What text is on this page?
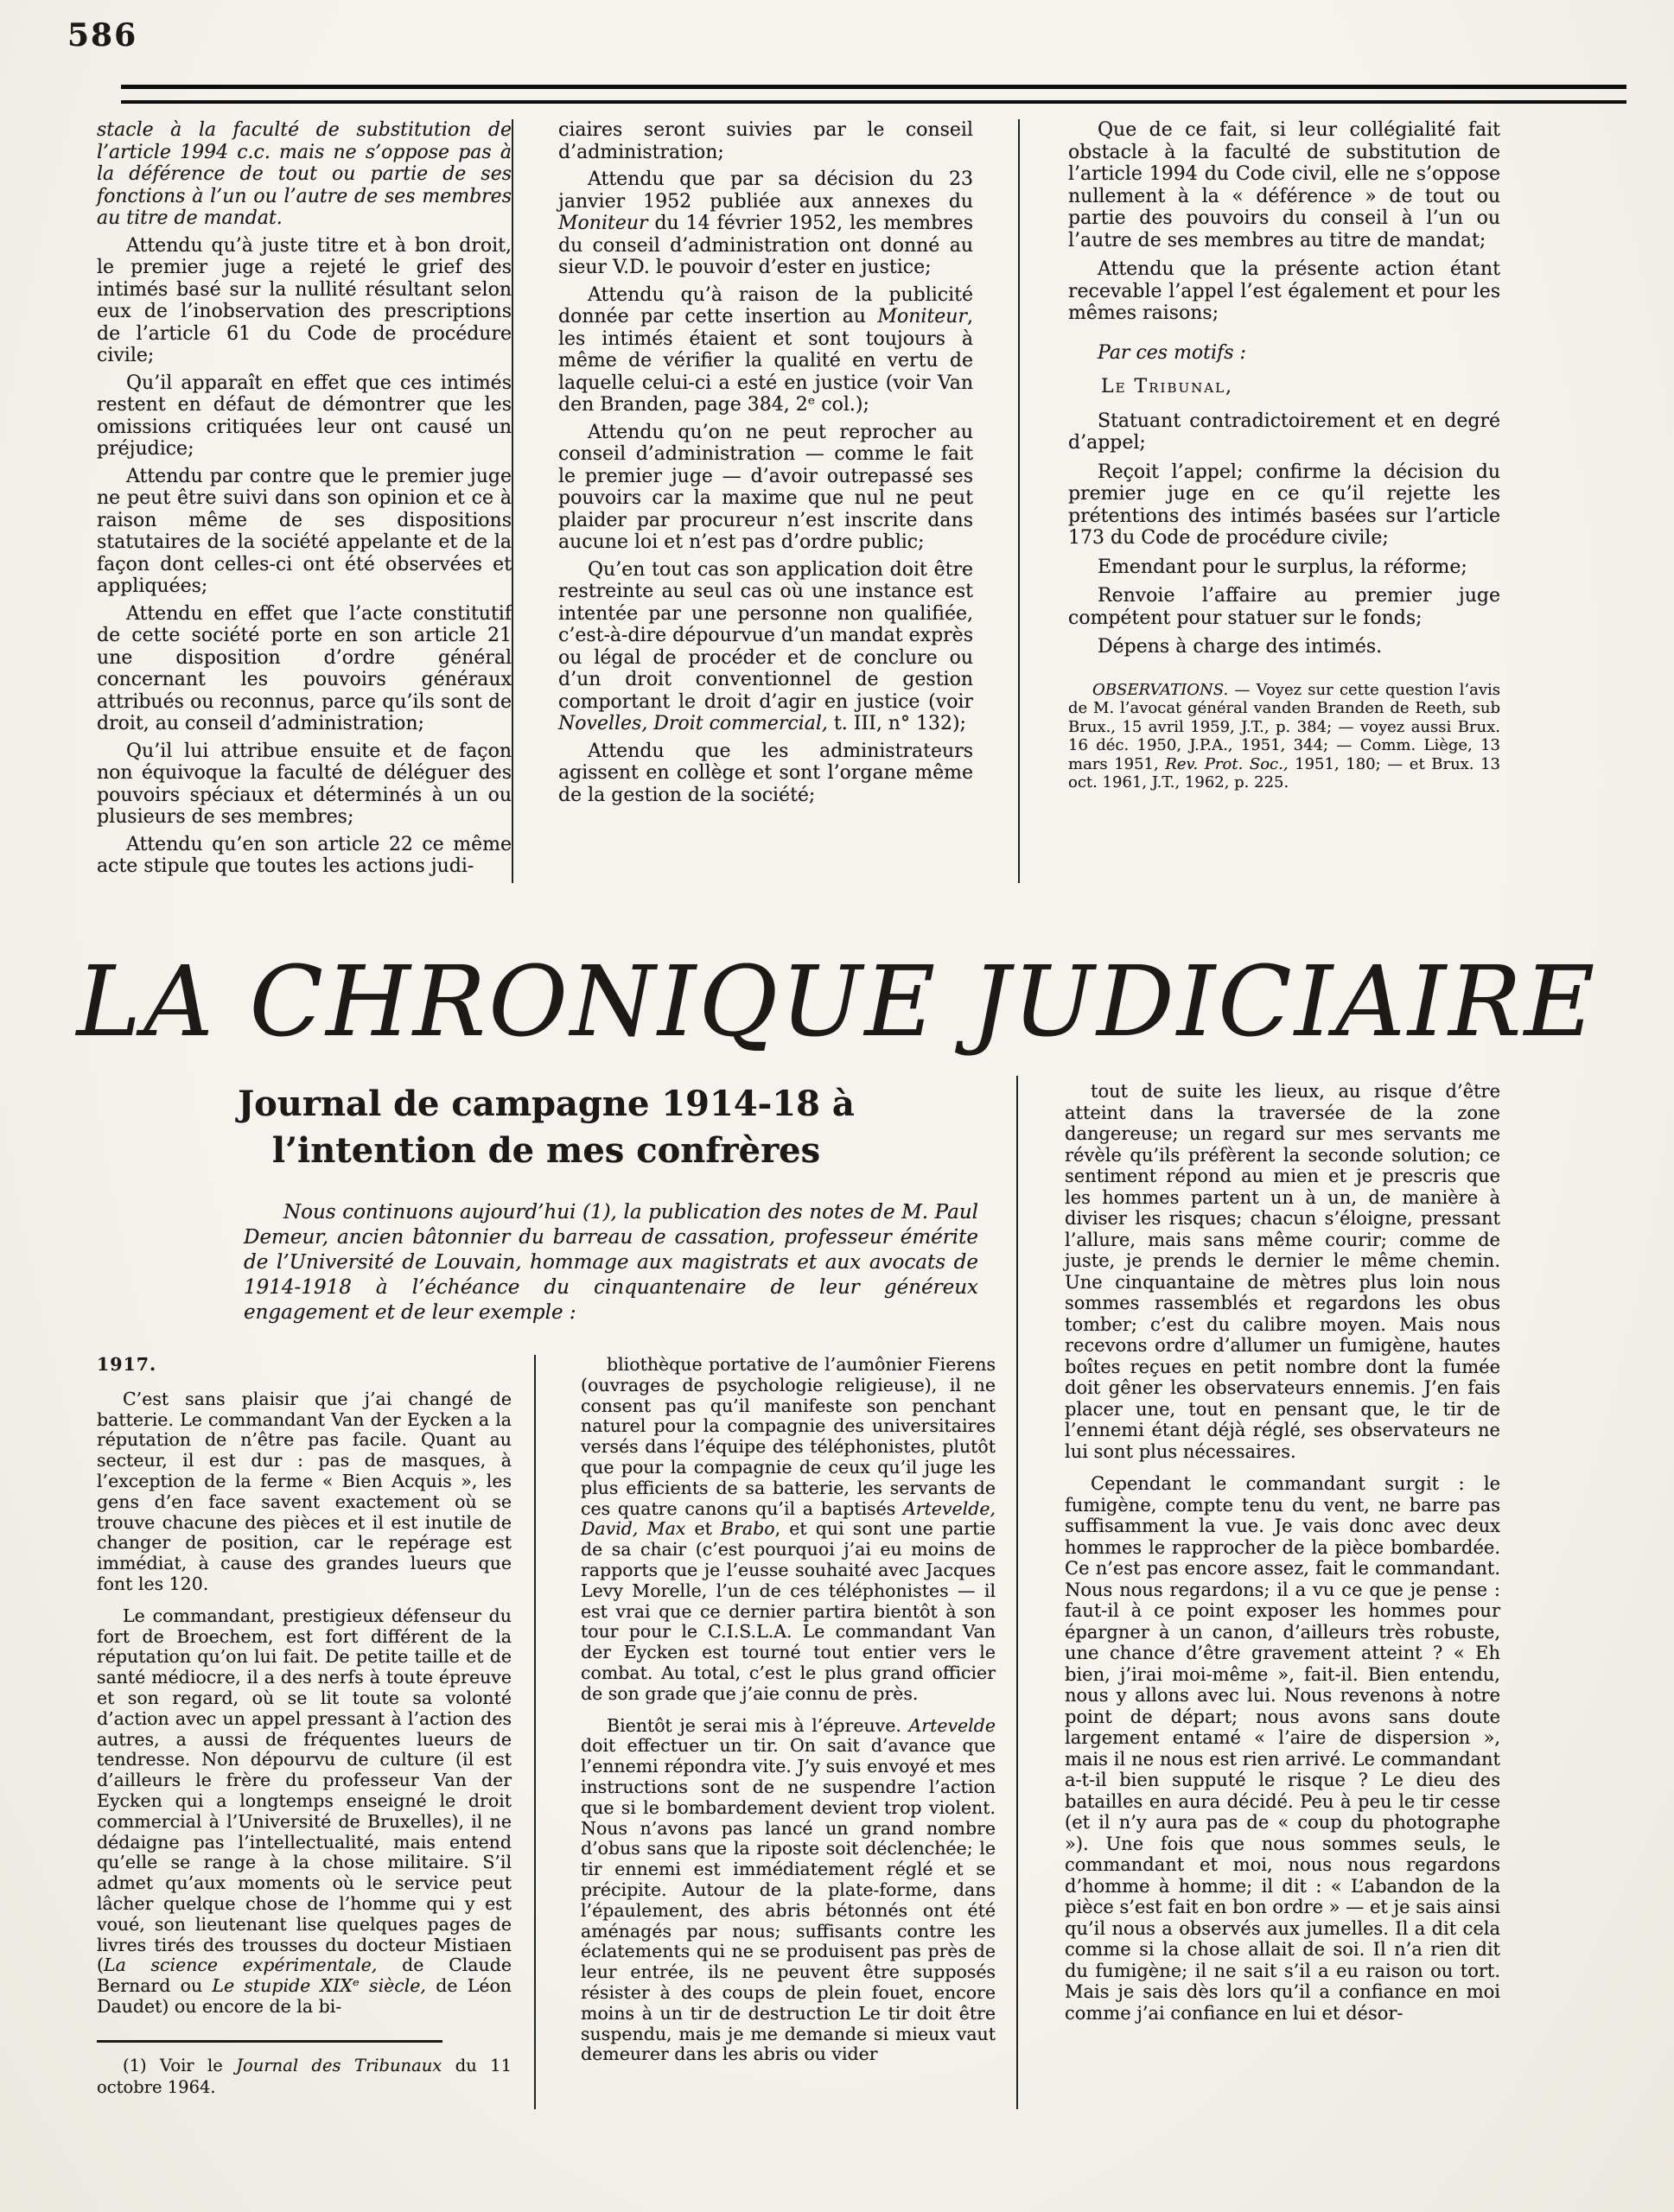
586

stacle à la faculté de substitution de l’article 1994 c.c. mais ne s’oppose pas à la déférence de tout ou partie de ses fonctions à l’un ou l’autre de ses membres au titre de mandat.

Attendu qu’à juste titre et à bon droit, le premier juge a rejeté le grief des intimés basé sur la nullité résultant selon eux de l’inobservation des prescriptions de l’article 61 du Code de procédure civile;

Qu’il apparaît en effet que ces intimés restent en défaut de démontrer que les omissions critiquées leur ont causé un préjudice;

Attendu par contre que le premier juge ne peut être suivi dans son opinion et ce à raison même de ses dispositions statutaires de la société appelante et de la façon dont celles-ci ont été observées et appliquées;

Attendu en effet que l’acte constitutif de cette société porte en son article 21 une disposition d’ordre général concernant les pouvoirs généraux attribués ou reconnus, parce qu’ils sont de droit, au conseil d’administration;

Qu’il lui attribue ensuite et de façon non équivoque la faculté de déléguer des pouvoirs spéciaux et déterminés à un ou plusieurs de ses membres;

Attendu qu’en son article 22 ce même acte stipule que toutes les actions judi-

ciaires seront suivies par le conseil d’administration;

Attendu que par sa décision du 23 janvier 1952 publiée aux annexes du Moniteur du 14 février 1952, les membres du conseil d’administration ont donné au sieur V.D. le pouvoir d’ester en justice;

Attendu qu’à raison de la publicité donnée par cette insertion au Moniteur, les intimés étaient et sont toujours à même de vérifier la qualité en vertu de laquelle celui-ci a esté en justice (voir Van den Branden, page 384, 2ᵉ col.);

Attendu qu’on ne peut reprocher au conseil d’administration — comme le fait le premier juge — d’avoir outrepassé ses pouvoirs car la maxime que nul ne peut plaider par procureur n’est inscrite dans aucune loi et n’est pas d’ordre public;

Qu’en tout cas son application doit être restreinte au seul cas où une instance est intentée par une personne non qualifiée, c’est-à-dire dépourvue d’un mandat exprès ou légal de procéder et de conclure ou d’un droit conventionnel de gestion comportant le droit d’agir en justice (voir Novelles, Droit commercial, t. III, n° 132);

Attendu que les administrateurs agissent en collège et sont l’organe même de la gestion de la société;

Que de ce fait, si leur collégialité fait obstacle à la faculté de substitution de l’article 1994 du Code civil, elle ne s’oppose nullement à la « déférence » de tout ou partie des pouvoirs du conseil à l’un ou l’autre de ses membres au titre de mandat;

Attendu que la présente action étant recevable l’appel l’est également et pour les mêmes raisons;

Par ces motifs :

Le Tribunal,

Statuant contradictoirement et en degré d’appel;

Reçoit l’appel; confirme la décision du premier juge en ce qu’il rejette les prétentions des intimés basées sur l’article 173 du Code de procédure civile;

Emendant pour le surplus, la réforme;

Renvoie l’affaire au premier juge compétent pour statuer sur le fonds;

Dépens à charge des intimés.

OBSERVATIONS. — Voyez sur cette question l’avis de M. l’avocat général vanden Branden de Reeth, sub Brux., 15 avril 1959, J.T., p. 384; — voyez aussi Brux. 16 déc. 1950, J.P.A., 1951, 344; — Comm. Liège, 13 mars 1951, Rev. Prot. Soc., 1951, 180; — et Brux. 13 oct. 1961, J.T., 1962, p. 225.

LA CHRONIQUE JUDICIAIRE
Journal de campagne 1914-18 à l’intention de mes confrères

Nous continuons aujourd’hui (1), la publication des notes de M. Paul Demeur, ancien bâtonnier du barreau de cassation, professeur émérite de l’Université de Louvain, hommage aux magistrats et aux avocats de 1914-1918 à l’échéance du cinquantenaire de leur généreux engagement et de leur exemple :

1917.

C’est sans plaisir que j’ai changé de batterie. Le commandant Van der Eycken a la réputation de n’être pas facile. Quant au secteur, il est dur : pas de masques, à l’exception de la ferme « Bien Acquis », les gens d’en face savent exactement où se trouve chacune des pièces et il est inutile de changer de position, car le repérage est immédiat, à cause des grandes lueurs que font les 120.

Le commandant, prestigieux défenseur du fort de Broechem, est fort différent de la réputation qu’on lui fait. De petite taille et de santé médiocre, il a des nerfs à toute épreuve et son regard, où se lit toute sa volonté d’action avec un appel pressant à l’action des autres, a aussi de fréquentes lueurs de tendresse. Non dépourvu de culture (il est d’ailleurs le frère du professeur Van der Eycken qui a longtemps enseigné le droit commercial à l’Université de Bruxelles), il ne dédaigne pas l’intellectualité, mais entend qu’elle se range à la chose militaire. S’il admet qu’aux moments où le service peut lâcher quelque chose de l’homme qui y est voué, son lieutenant lise quelques pages de livres tirés des trousses du docteur Mistiaen (La science expérimentale, de Claude Bernard ou Le stupide XIXᵉ siècle, de Léon Daudet) ou encore de la bi-

(1) Voir le Journal des Tribunaux du 11 octobre 1964.

bliothèque portative de l’aumônier Fierens (ouvrages de psychologie religieuse), il ne consent pas qu’il manifeste son penchant naturel pour la compagnie des universitaires versés dans l’équipe des téléphonistes, plutôt que pour la compagnie de ceux qu’il juge les plus efficients de sa batterie, les servants de ces quatre canons qu’il a baptisés Artevelde, David, Max et Brabo, et qui sont une partie de sa chair (c’est pourquoi j’ai eu moins de rapports que je l’eusse souhaité avec Jacques Levy Morelle, l’un de ces téléphonistes — il est vrai que ce dernier partira bientôt à son tour pour le C.I.S.L.A. Le commandant Van der Eycken est tourné tout entier vers le combat. Au total, c’est le plus grand officier de son grade que j’aie connu de près.

Bientôt je serai mis à l’épreuve. Artevelde doit effectuer un tir. On sait d’avance que l’ennemi répondra vite. J’y suis envoyé et mes instructions sont de ne suspendre l’action que si le bombardement devient trop violent. Nous n’avons pas lancé un grand nombre d’obus sans que la riposte soit déclenchée; le tir ennemi est immédiatement réglé et se précipite. Autour de la plate-forme, dans l’épaulement, des abris bétonnés ont été aménagés par nous; suffisants contre les éclatements qui ne se produisent pas près de leur entrée, ils ne peuvent être supposés résister à des coups de plein fouet, encore moins à un tir de destruction Le tir doit être suspendu, mais je me demande si mieux vaut demeurer dans les abris ou vider

tout de suite les lieux, au risque d’être atteint dans la traversée de la zone dangereuse; un regard sur mes servants me révèle qu’ils préfèrent la seconde solution; ce sentiment répond au mien et je prescris que les hommes partent un à un, de manière à diviser les risques; chacun s’éloigne, pressant l’allure, mais sans même courir; comme de juste, je prends le dernier le même chemin. Une cinquantaine de mètres plus loin nous sommes rassemblés et regardons les obus tomber; c’est du calibre moyen. Mais nous recevons ordre d’allumer un fumigène, hautes boîtes reçues en petit nombre dont la fumée doit gêner les observateurs ennemis. J’en fais placer une, tout en pensant que, le tir de l’ennemi étant déjà réglé, ses observateurs ne lui sont plus nécessaires.

Cependant le commandant surgit : le fumigène, compte tenu du vent, ne barre pas suffisamment la vue. Je vais donc avec deux hommes le rapprocher de la pièce bombardée. Ce n’est pas encore assez, fait le commandant. Nous nous regardons; il a vu ce que je pense : faut-il à ce point exposer les hommes pour épargner à un canon, d’ailleurs très robuste, une chance d’être gravement atteint ? « Eh bien, j’irai moi-même », fait-il. Bien entendu, nous y allons avec lui. Nous revenons à notre point de départ; nous avons sans doute largement entamé « l’aire de dispersion », mais il ne nous est rien arrivé. Le commandant a-t-il bien supputé le risque ? Le dieu des batailles en aura décidé. Peu à peu le tir cesse (et il n’y aura pas de « coup du photographe »). Une fois que nous sommes seuls, le commandant et moi, nous nous regardons d’homme à homme; il dit : « L’abandon de la pièce s’est fait en bon ordre » — et je sais ainsi qu’il nous a observés aux jumelles. Il a dit cela comme si la chose allait de soi. Il n’a rien dit du fumigène; il ne sait s’il a eu raison ou tort. Mais je sais dès lors qu’il a confiance en moi comme j’ai confiance en lui et désor-
